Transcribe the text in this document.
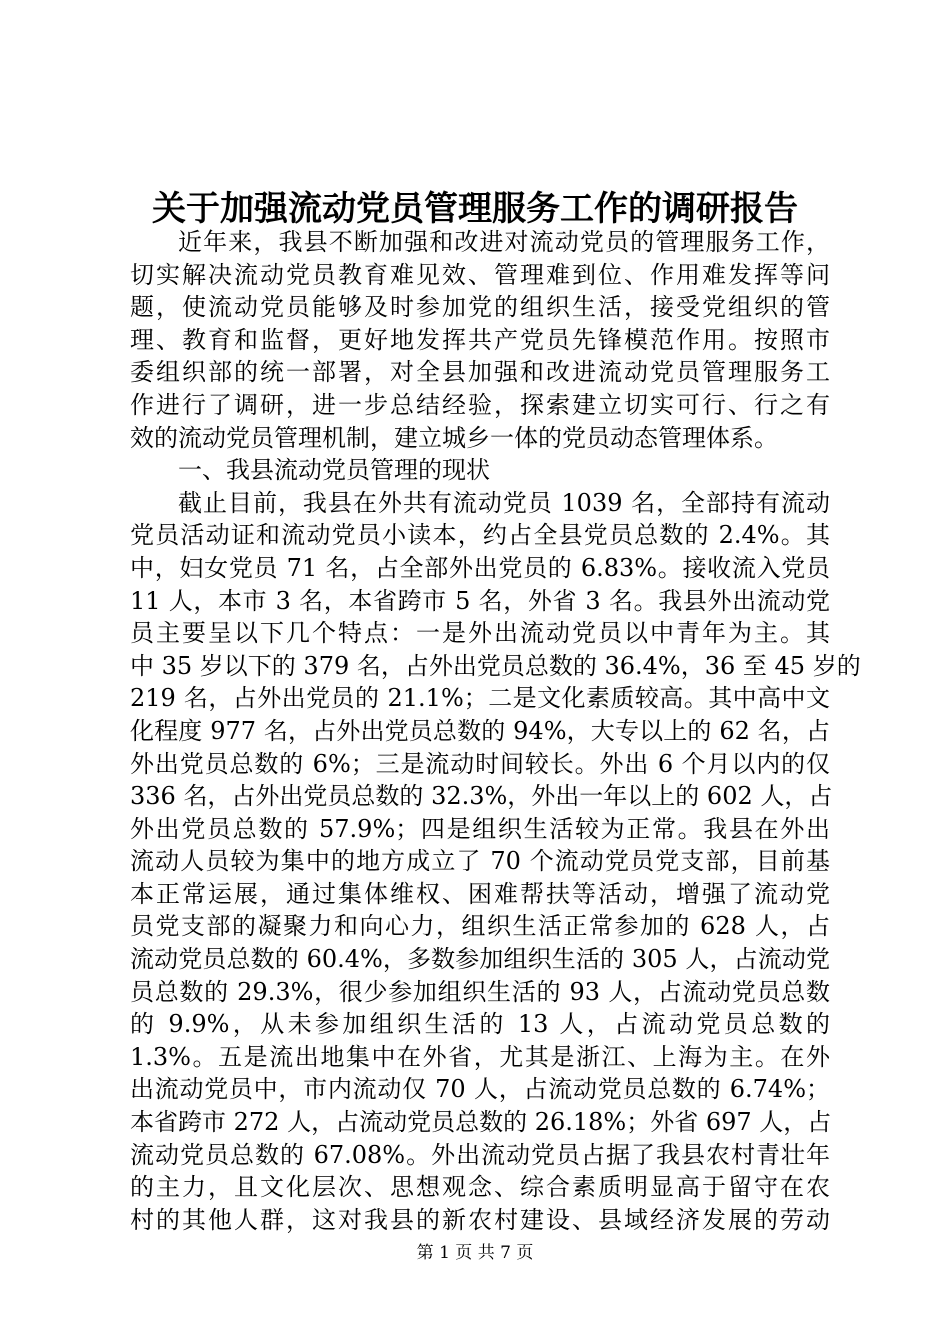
关于加强流动党员管理服务工作的调研报告
近年来，我县不断加强和改进对流动党员的管理服务工作，
切实解决流动党员教育难见效、管理难到位、作用难发挥等问
题，使流动党员能够及时参加党的组织生活，接受党组织的管
理、教育和监督，更好地发挥共产党员先锋模范作用。按照市
委组织部的统一部署，对全县加强和改进流动党员管理服务工
作进行了调研，进一步总结经验，探索建立切实可行、行之有
效的流动党员管理机制，建立城乡一体的党员动态管理体系。
一、我县流动党员管理的现状
截止目前，我县在外共有流动党员 1039 名，全部持有流动
党员活动证和流动党员小读本，约占全县党员总数的 2.4%。其
中，妇女党员 71 名，占全部外出党员的 6.83%。接收流入党员
11 人，本市 3 名，本省跨市 5 名，外省 3 名。我县外出流动党
员主要呈以下几个特点：一是外出流动党员以中青年为主。其
中 35 岁以下的 379 名，占外出党员总数的 36.4%，36 至 45 岁的
219 名，占外出党员的 21.1%；二是文化素质较高。其中高中文
化程度 977 名，占外出党员总数的 94%，大专以上的 62 名，占
外出党员总数的 6%；三是流动时间较长。外出 6 个月以内的仅
336 名，占外出党员总数的 32.3%，外出一年以上的 602 人，占
外出党员总数的 57.9%；四是组织生活较为正常。我县在外出
流动人员较为集中的地方成立了 70 个流动党员党支部，目前基
本正常运展，通过集体维权、困难帮扶等活动，增强了流动党
员党支部的凝聚力和向心力，组织生活正常参加的 628 人，占
流动党员总数的 60.4%，多数参加组织生活的 305 人，占流动党
员总数的 29.3%，很少参加组织生活的 93 人，占流动党员总数
的 9.9%，从未参加组织生活的 13 人，占流动党员总数的
1.3%。五是流出地集中在外省，尤其是浙江、上海为主。在外
出流动党员中，市内流动仅 70 人，占流动党员总数的 6.74%；
本省跨市 272 人，占流动党员总数的 26.18%；外省 697 人，占
流动党员总数的 67.08%。外出流动党员占据了我县农村青壮年
的主力，且文化层次、思想观念、综合素质明显高于留守在农
村的其他人群，这对我县的新农村建设、县域经济发展的劳动
第 1 页 共 7 页
